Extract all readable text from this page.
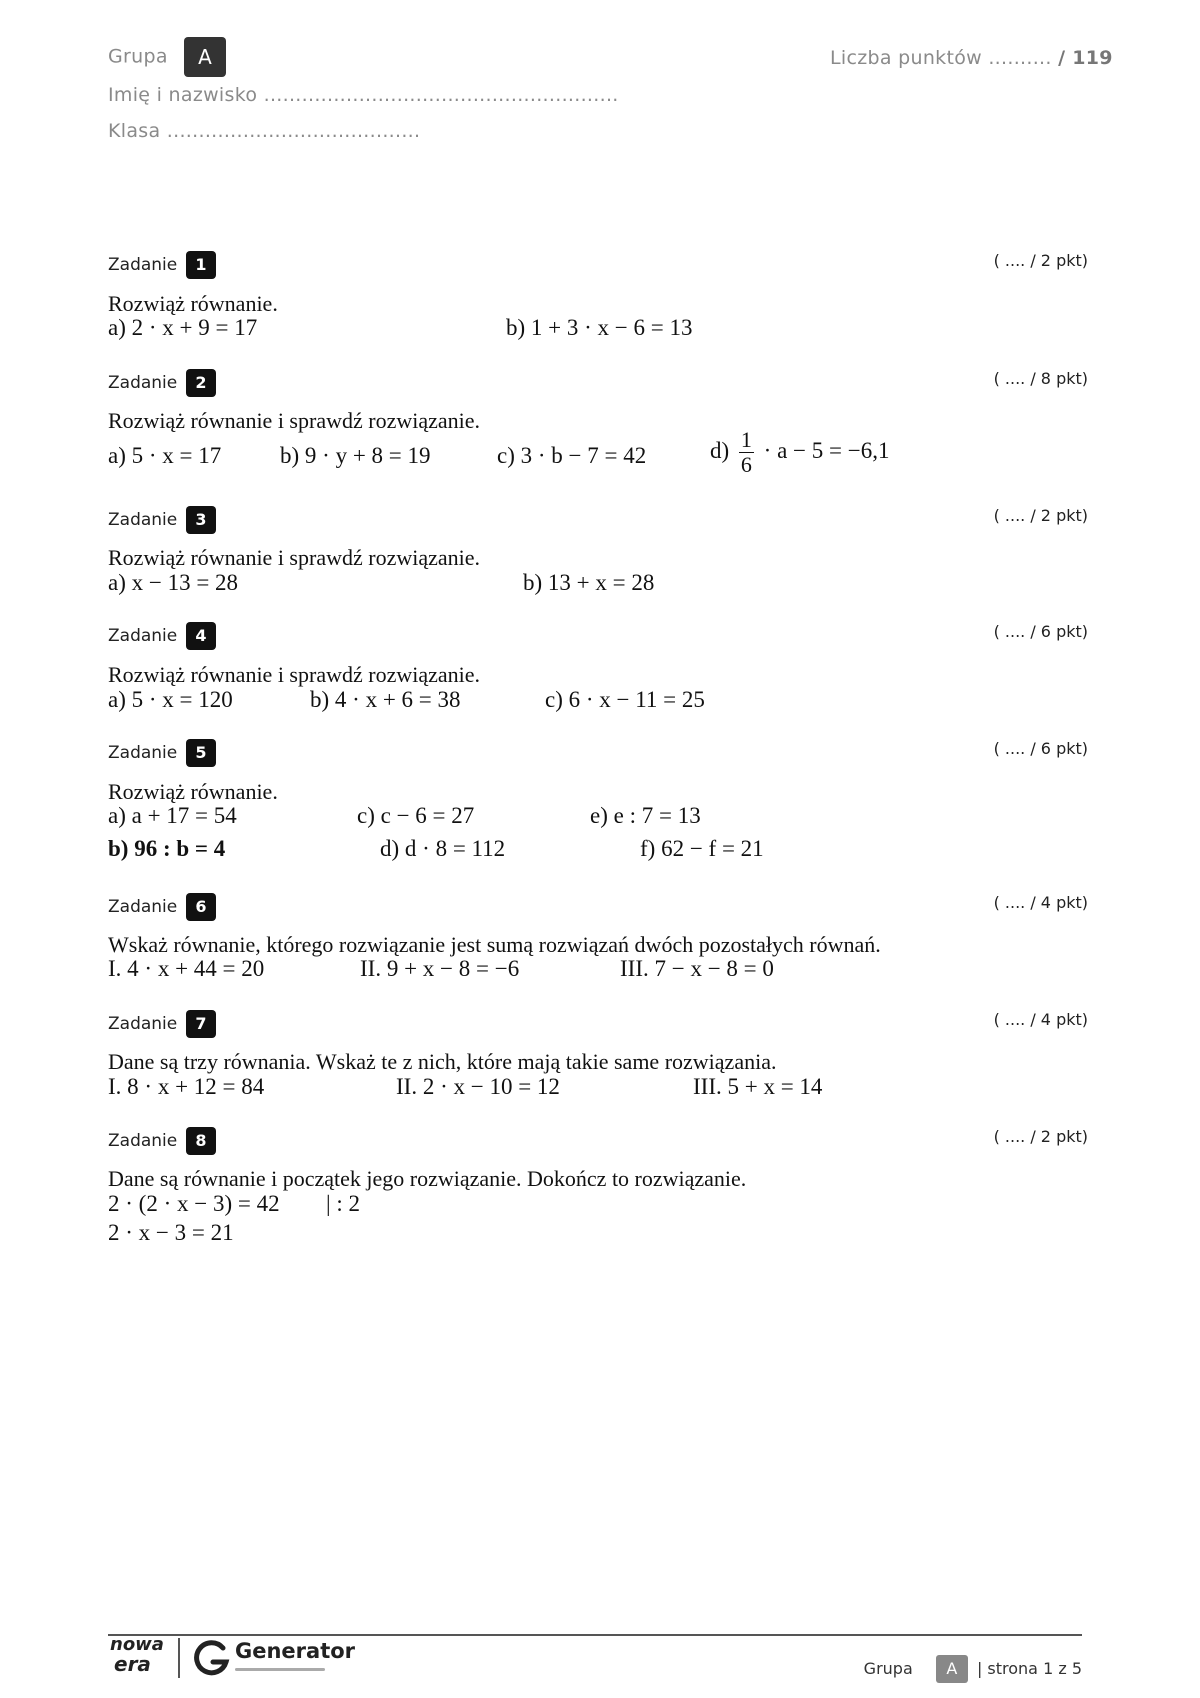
Grupa A	Liczba punktów .......... / 119
Imię i nazwisko ........................................................
Klasa ........................................
Zadanie	1	( .... / 2 pkt)
Rozwiąż równanie.
a) 2 · x + 9 = 17	b) 1 + 3 · x − 6 = 13
Zadanie	2	( .... / 8 pkt)
Rozwiąż równanie i sprawdź rozwiązanie.
a) 5 · x = 17	b) 9 · y + 8 = 19	c) 3 · b − 7 = 42	$d) \frac{1}{6} \cdot a - 5 = -6,1$
Zadanie	3	( .... / 2 pkt)
Rozwiąż równanie i sprawdź rozwiązanie.
a) x − 13 = 28	b) 13 + x = 28
Zadanie	4	( .... / 6 pkt)
Rozwiąż równanie i sprawdź rozwiązanie.
a) 5 · x = 120	b) 4 · x + 6 = 38	c) 6 · x − 11 = 25
Zadanie	5	( .... / 6 pkt)
Rozwiąż równanie.
a) a + 17 = 54	c) c − 6 = 27	e) e : 7 = 13
b) 96 : b = 4	d) d · 8 = 112	f) 62 − f = 21
Zadanie	6	( .... / 4 pkt)
Wskaż równanie, którego rozwiązanie jest sumą rozwiązań dwóch pozostałych równań.
I. 4 · x + 44 = 20	II. 9 + x − 8 = −6	III. 7 − x − 8 = 0
Zadanie	7	( .... / 4 pkt)
Dane są trzy równania. Wskaż te z nich, które mają takie same rozwiązania.
I. 8 · x + 12 = 84	II. 2 · x − 10 = 12	III. 5 + x = 14
Zadanie	8	( .... / 2 pkt)
Dane są równanie i początek jego rozwiązanie. Dokończ to rozwiązanie.
2 · (2 · x − 3) = 42 | : 2
2 · x − 3 = 21
nowa
era
Generator
Grupa A | strona 1 z 5
